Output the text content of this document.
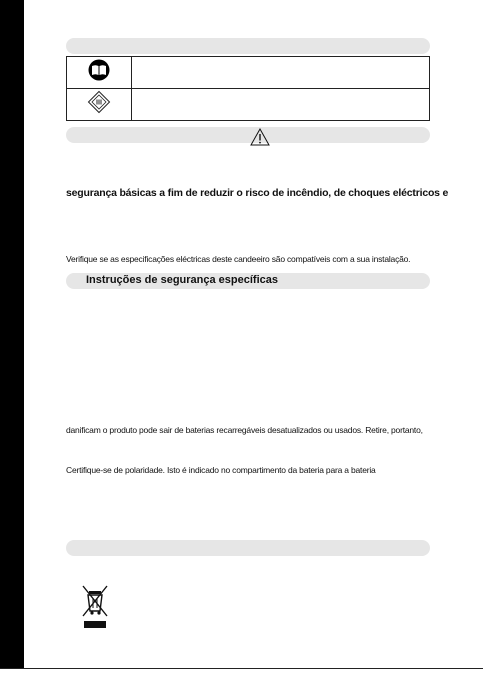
segurança básicas a fim de reduzir o risco de incêndio, de choques eléctricos e
Verifique se as especificações eléctricas deste candeeiro são compatíveis com a sua instalação.
Instruções de segurança específicas
danificam o produto pode sair de baterias recarregáveis desatualizados ou usados. Retire, portanto,
Certifique-se de polaridade. Isto é indicado no compartimento da bateria para a bateria
